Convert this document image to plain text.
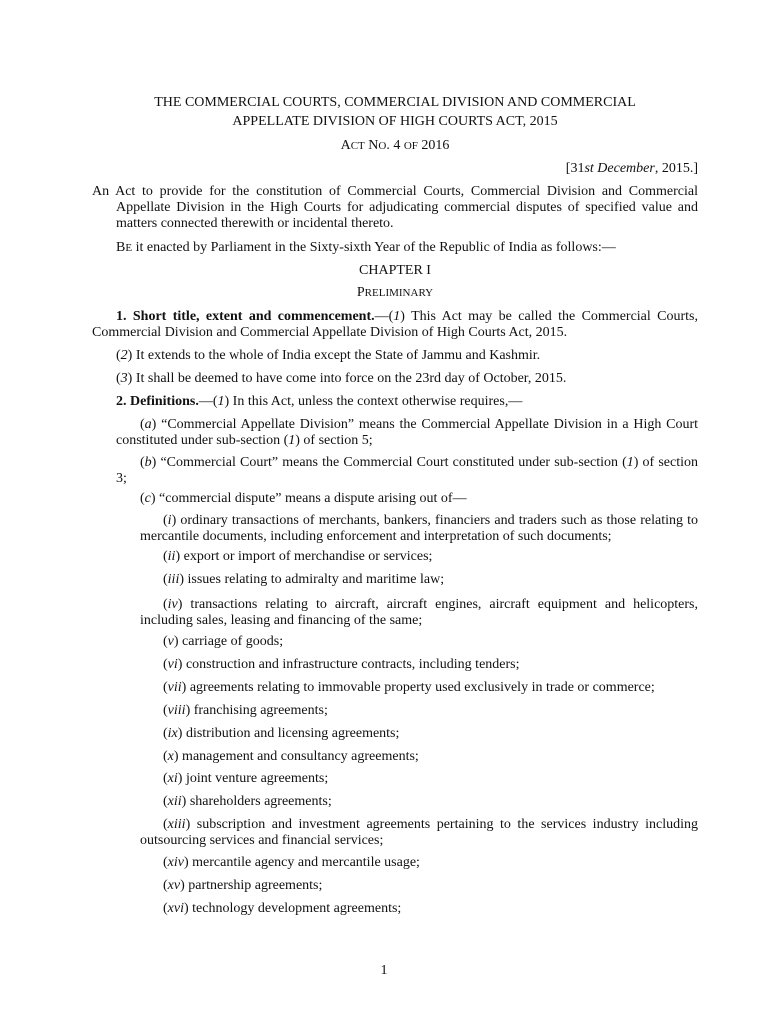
THE COMMERCIAL COURTS, COMMERCIAL DIVISION AND COMMERCIAL
APPELLATE DIVISION OF HIGH COURTS ACT, 2015
ACT NO. 4 OF 2016
[31st December, 2015.]
An Act to provide for the constitution of Commercial Courts, Commercial Division and Commercial Appellate Division in the High Courts for adjudicating commercial disputes of specified value and matters connected therewith or incidental thereto.
BE it enacted by Parliament in the Sixty-sixth Year of the Republic of India as follows:—
CHAPTER I
PRELIMINARY
1. Short title, extent and commencement.—(1) This Act may be called the Commercial Courts, Commercial Division and Commercial Appellate Division of High Courts Act, 2015.
(2) It extends to the whole of India except the State of Jammu and Kashmir.
(3) It shall be deemed to have come into force on the 23rd day of October, 2015.
2. Definitions.—(1) In this Act, unless the context otherwise requires,—
(a) “Commercial Appellate Division” means the Commercial Appellate Division in a High Court constituted under sub-section (1) of section 5;
(b) “Commercial Court” means the Commercial Court constituted under sub-section (1) of section 3;
(c) “commercial dispute” means a dispute arising out of—
(i) ordinary transactions of merchants, bankers, financiers and traders such as those relating to mercantile documents, including enforcement and interpretation of such documents;
(ii) export or import of merchandise or services;
(iii) issues relating to admiralty and maritime law;
(iv) transactions relating to aircraft, aircraft engines, aircraft equipment and helicopters, including sales, leasing and financing of the same;
(v) carriage of goods;
(vi) construction and infrastructure contracts, including tenders;
(vii) agreements relating to immovable property used exclusively in trade or commerce;
(viii) franchising agreements;
(ix) distribution and licensing agreements;
(x) management and consultancy agreements;
(xi) joint venture agreements;
(xii) shareholders agreements;
(xiii) subscription and investment agreements pertaining to the services industry including outsourcing services and financial services;
(xiv) mercantile agency and mercantile usage;
(xv) partnership agreements;
(xvi) technology development agreements;
1
